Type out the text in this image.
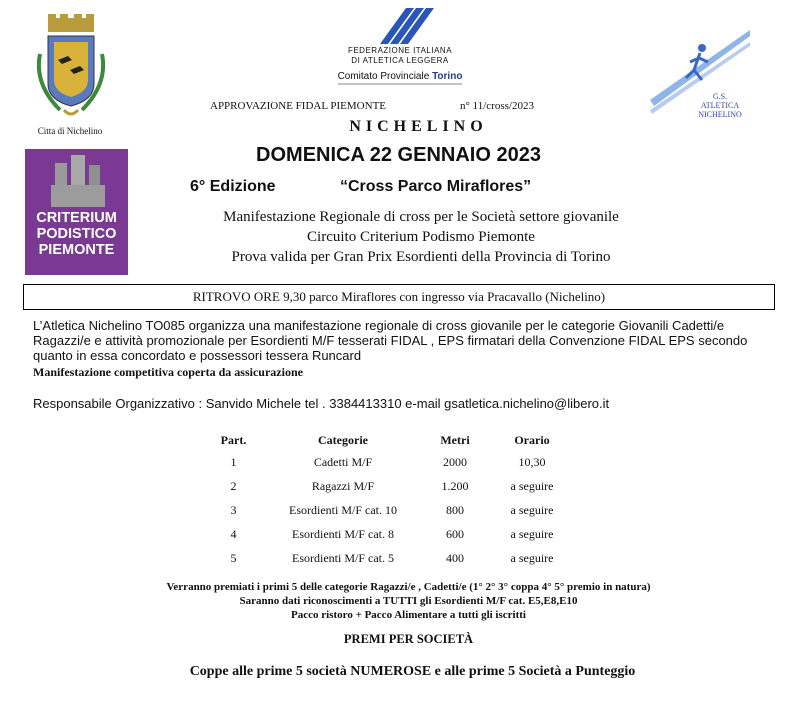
Citta di Nichelino
FEDERAZIONE ITALIANA
DI ATLETICA LEGGERA
Comitato Provinciale Torino
G.S.
ATLETICA
NICHELINO
APPROVAZIONE FIDAL PIEMONTE	n° 11/cross/2023
NICHELINO
DOMENICA 22 GENNAIO 2023
6° Edizione	“Cross Parco Miraflores”
CRITERIUM
PODISTICO
PIEMONTE
Manifestazione Regionale di cross per le Società settore giovanile
Circuito Criterium Podismo Piemonte
Prova valida per Gran Prix Esordienti della Provincia di Torino
RITROVO ORE 9,30 parco Miraflores con ingresso via Pracavallo (Nichelino)
L’Atletica Nichelino TO085 organizza una manifestazione regionale di cross giovanile per le categorie Giovanili Cadetti/e Ragazzi/e e attività promozionale per Esordienti M/F tesserati FIDAL , EPS firmatari della Convenzione FIDAL EPS secondo quanto in essa concordato e possessori tessera Runcard
Manifestazione competitiva coperta da assicurazione
Responsabile Organizzativo : Sanvido Michele tel . 3384413310 e-mail gsatletica.nichelino@libero.it
Part.	Categorie	Metri	Orario
1	Cadetti M/F	2000	10,30
2	Ragazzi M/F	1.200	a seguire
3	Esordienti M/F cat. 10	800	a seguire
4	Esordienti M/F cat. 8	600	a seguire
5	Esordienti M/F cat. 5	400	a seguire
Verranno premiati i primi 5 delle categorie Ragazzi/e , Cadetti/e (1° 2° 3° coppa 4° 5° premio in natura)
Saranno dati riconoscimenti a TUTTI gli Esordienti M/F cat. E5,E8,E10
Pacco ristoro + Pacco Alimentare a tutti gli iscritti
PREMI PER SOCIETÀ
Coppe alle prime 5 società NUMEROSE e alle prime 5 Società a Punteggio
